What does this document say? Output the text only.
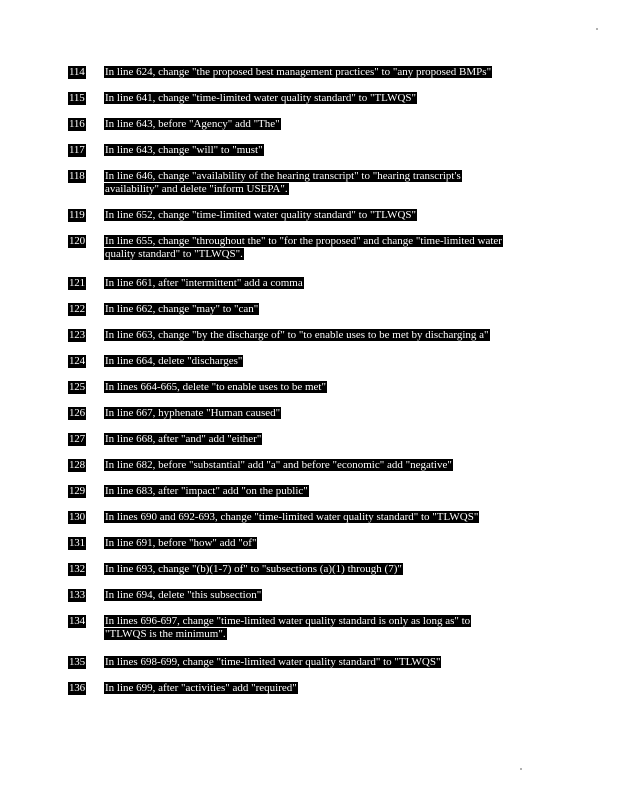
114 In line 624, change "the proposed best management practices" to "any proposed BMPs"
115 In line 641, change "time-limited water quality standard" to "TLWQS"
116 In line 643, before "Agency" add "The"
117 In line 643, change "will" to "must"
118 In line 646, change "availability of the hearing transcript" to "hearing transcript's availability" and delete "inform USEPA".
119 In line 652, change "time-limited water quality standard" to "TLWQS"
120 In line 655, change "throughout the" to "for the proposed" and change "time-limited water quality standard" to "TLWQS".
121 In line 661, after "intermittent" add a comma
122 In line 662, change "may" to "can"
123 In line 663, change "by the discharge of" to "to enable uses to be met by discharging a"
124 In line 664, delete "discharges"
125 In lines 664-665, delete "to enable uses to be met"
126 In line 667, hyphenate "Human caused"
127 In line 668, after "and" add "either"
128 In line 682, before "substantial" add "a" and before "economic" add "negative"
129 In line 683, after "impact" add "on the public"
130 In lines 690 and 692-693, change "time-limited water quality standard" to "TLWQS"
131 In line 691, before "how" add "of"
132 In line 693, change "(b)(1-7) of" to "subsections (a)(1) through (7)"
133 In line 694, delete "this subsection"
134 In lines 696-697, change "time-limited water quality standard is only as long as" to "TLWQS is the minimum".
135 In lines 698-699, change "time-limited water quality standard" to "TLWQS"
136 In line 699, after "activities" add "required"
